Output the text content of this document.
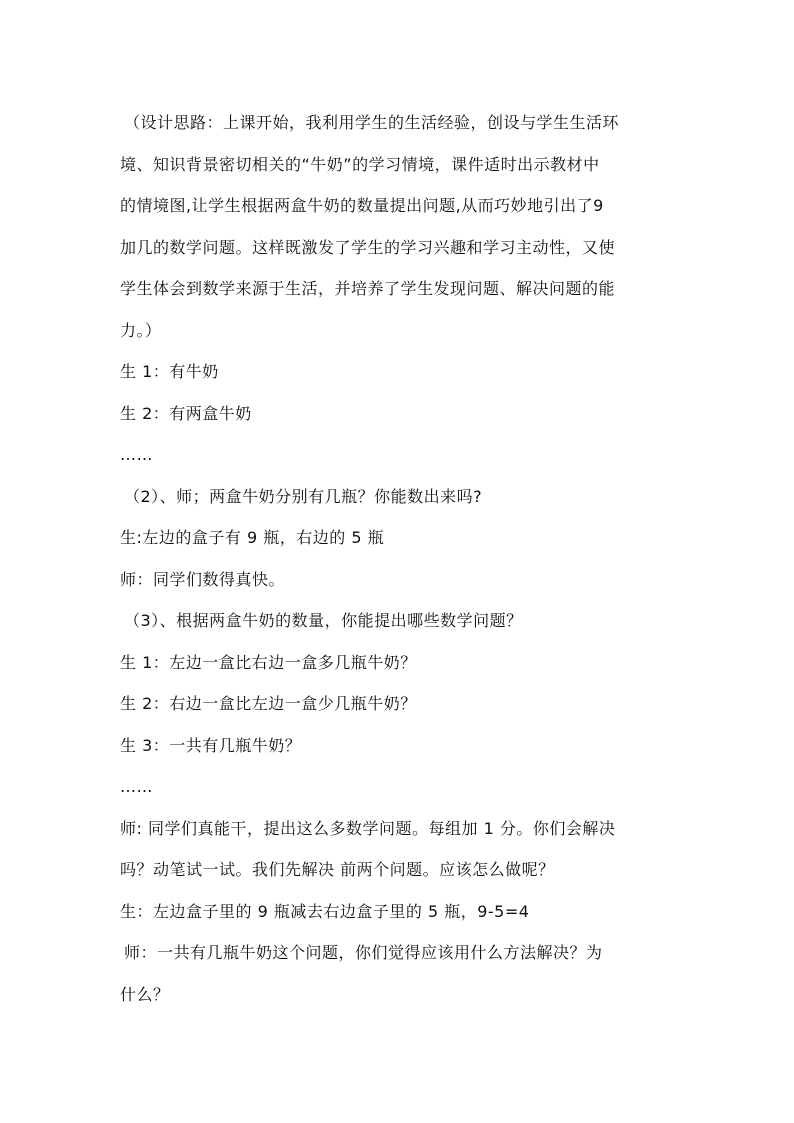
（设计思路：上课开始，我利用学生的生活经验，创设与学生生活环
境、知识背景密切相关的“牛奶”的学习情境，课件适时出示教材中
的情境图,让学生根据两盒牛奶的数量提出问题,从而巧妙地引出了9
加几的数学问题。这样既激发了学生的学习兴趣和学习主动性，又使
学生体会到数学来源于生活，并培养了学生发现问题、解决问题的能
力。）
生 1：有牛奶
生 2：有两盒牛奶
……
（2）、师；两盒牛奶分别有几瓶？你能数出来吗?
生:左边的盒子有 9 瓶，右边的 5 瓶
师：同学们数得真快。
（3）、根据两盒牛奶的数量，你能提出哪些数学问题？
生 1：左边一盒比右边一盒多几瓶牛奶？
生 2：右边一盒比左边一盒少几瓶牛奶？
生 3：一共有几瓶牛奶？
……
师: 同学们真能干，提出这么多数学问题。每组加 1 分。你们会解决
吗？动笔试一试。我们先解决 前两个问题。应该怎么做呢？
生：左边盒子里的 9 瓶减去右边盒子里的 5 瓶，9-5=4
师：一共有几瓶牛奶这个问题，你们觉得应该用什么方法解决？为
什么？
